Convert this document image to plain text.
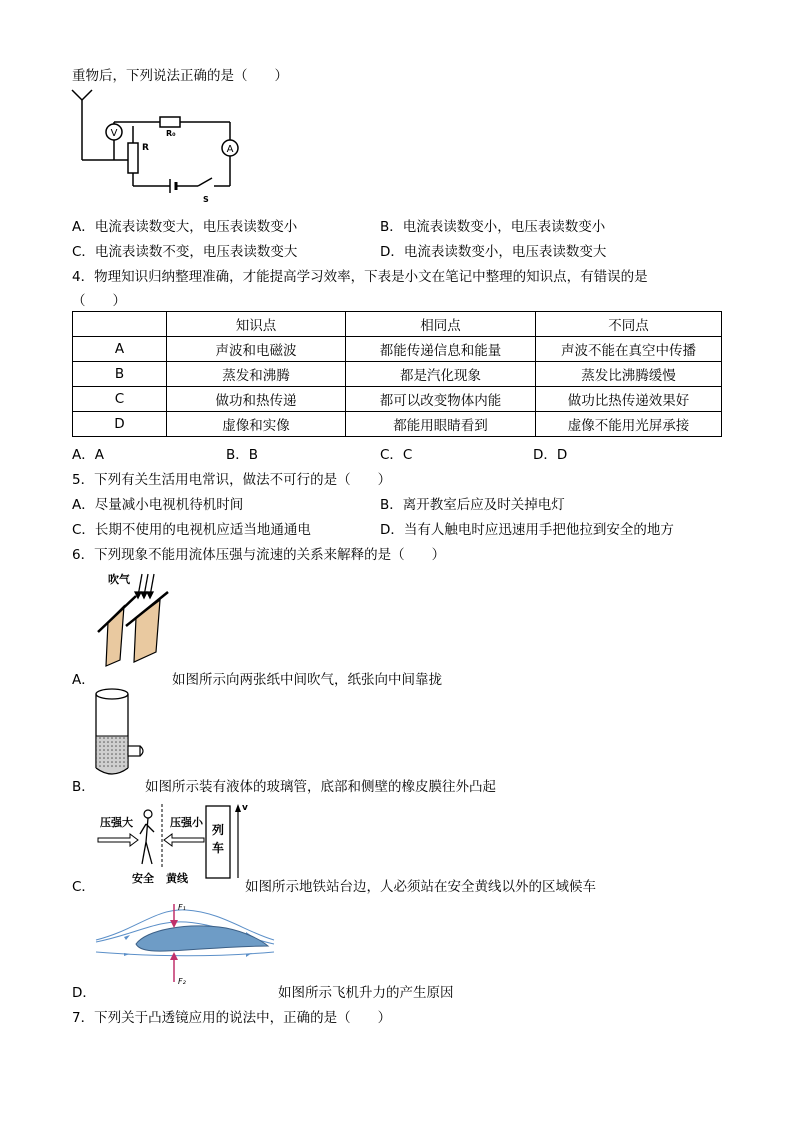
重物后，下列说法正确的是（　　）
V
A
R
R₀
S
A．电流表读数变大，电压表读数变小	B．电流表读数变小，电压表读数变小
C．电流表读数不变，电压表读数变大	D．电流表读数变小，电压表读数变大
4．物理知识归纳整理准确，才能提高学习效率，下表是小文在笔记中整理的知识点，有错误的是
（　　）
	知识点	相同点	不同点
A	声波和电磁波	都能传递信息和能量	声波不能在真空中传播
B	蒸发和沸腾	都是汽化现象	蒸发比沸腾缓慢
C	做功和热传递	都可以改变物体内能	做功比热传递效果好
D	虚像和实像	都能用眼睛看到	虚像不能用光屏承接
A．A	B．B	C．C	D．D
5．下列有关生活用电常识，做法不可行的是（　　）
A．尽量减小电视机待机时间	B．离开教室后应及时关掉电灯
C．长期不使用的电视机应适当地通通电	D．当有人触电时应迅速用手把他拉到安全的地方
6．下列现象不能用流体压强与流速的关系来解释的是（　　）
吹气
A．	如图所示向两张纸中间吹气，纸张向中间靠拢
B．	如图所示装有液体的玻璃管，底部和侧壁的橡皮膜往外凸起
压强大	压强小
列
车
v
安全 黄线
C．	如图所示地铁站台边，人必须站在安全黄线以外的区域候车
F₁
F₂
D．	如图所示飞机升力的产生原因
7．下列关于凸透镜应用的说法中，正确的是（　　）
